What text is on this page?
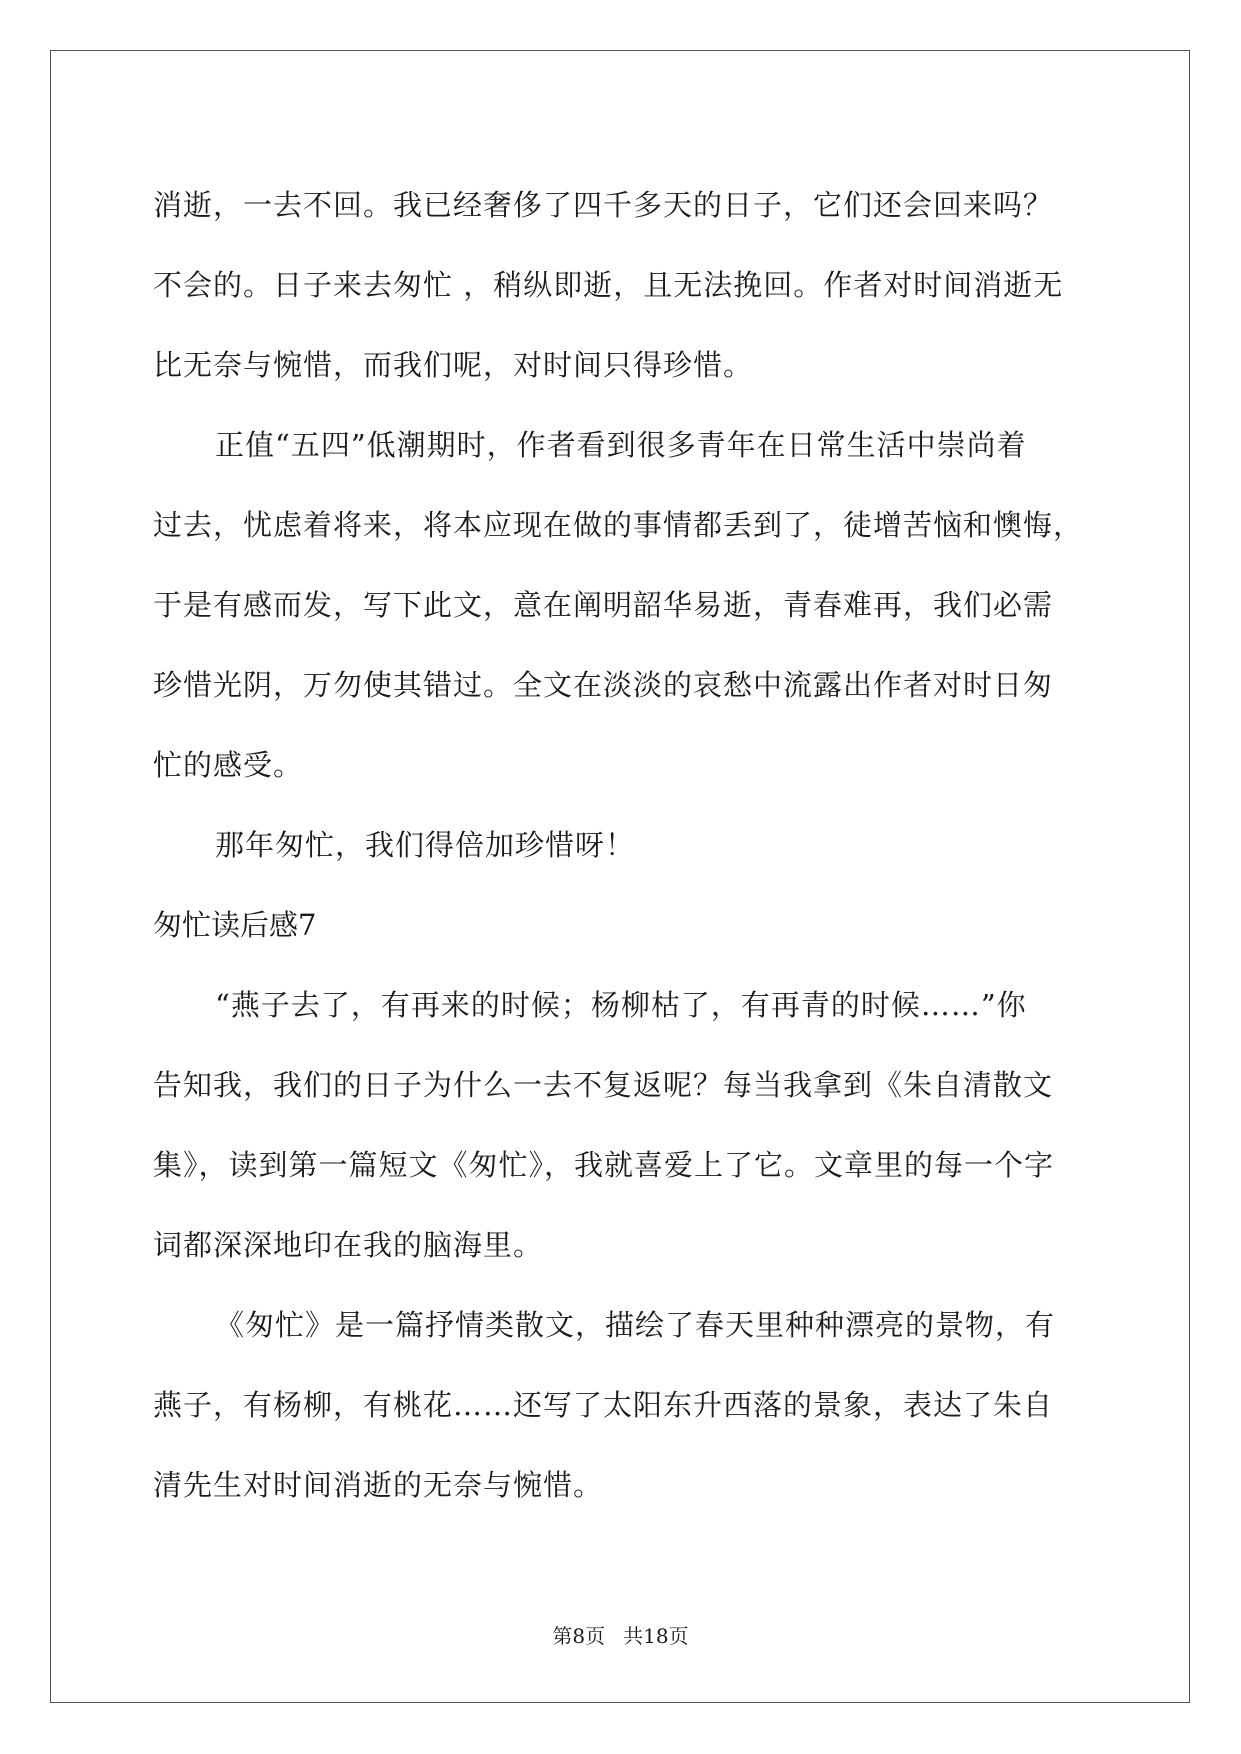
消逝，一去不回。我已经奢侈了四千多天的日子，它们还会回来吗？
不会的。日子来去匆忙 ，稍纵即逝，且无法挽回。作者对时间消逝无
比无奈与惋惜，而我们呢，对时间只得珍惜。
正值“五四”低潮期时，作者看到很多青年在日常生活中崇尚着
过去，忧虑着将来，将本应现在做的事情都丢到了，徒增苦恼和懊悔，
于是有感而发，写下此文，意在阐明韶华易逝，青春难再，我们必需
珍惜光阴，万勿使其错过。全文在淡淡的哀愁中流露出作者对时日匆
忙的感受。
那年匆忙，我们得倍加珍惜呀！
匆忙读后感7
“燕子去了，有再来的时候；杨柳枯了，有再青的时候……”你
告知我，我们的日子为什么一去不复返呢？每当我拿到《朱自清散文
集》，读到第一篇短文《匆忙》，我就喜爱上了它。文章里的每一个字
词都深深地印在我的脑海里。
《匆忙》是一篇抒情类散文，描绘了春天里种种漂亮的景物，有
燕子，有杨柳，有桃花……还写了太阳东升西落的景象，表达了朱自
清先生对时间消逝的无奈与惋惜。
第8页 共18页
